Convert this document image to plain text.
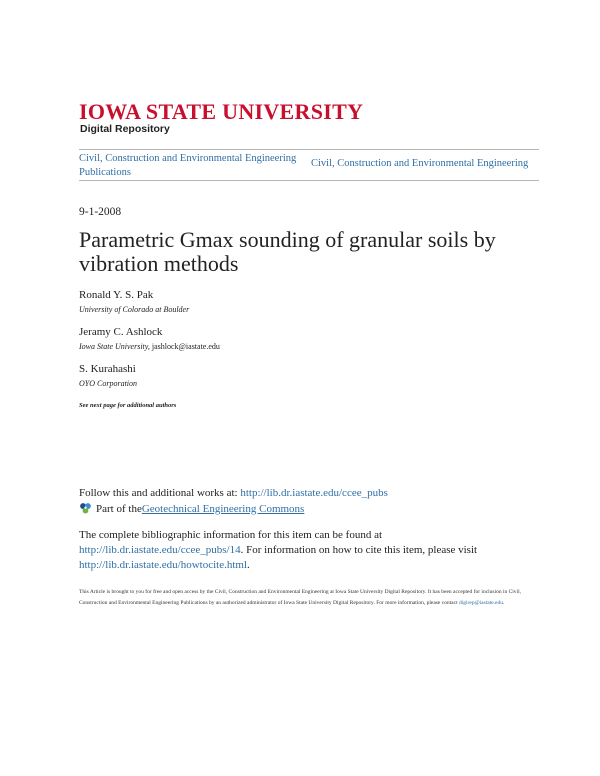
IOWA STATE UNIVERSITY
Digital Repository
Civil, Construction and Environmental Engineering Publications
Civil, Construction and Environmental Engineering
9-1-2008
Parametric Gmax sounding of granular soils by vibration methods
Ronald Y. S. Pak
University of Colorado at Boulder
Jeramy C. Ashlock
Iowa State University, jashlock@iastate.edu
S. Kurahashi
OYO Corporation
See next page for additional authors
Follow this and additional works at: http://lib.dr.iastate.edu/ccee_pubs
Part of the Geotechnical Engineering Commons
The complete bibliographic information for this item can be found at http://lib.dr.iastate.edu/ccee_pubs/14. For information on how to cite this item, please visit http://lib.dr.iastate.edu/howtocite.html.
This Article is brought to you for free and open access by the Civil, Construction and Environmental Engineering at Iowa State University Digital Repository. It has been accepted for inclusion in Civil, Construction and Environmental Engineering Publications by an authorized administrator of Iowa State University Digital Repository. For more information, please contact digirep@iastate.edu.
